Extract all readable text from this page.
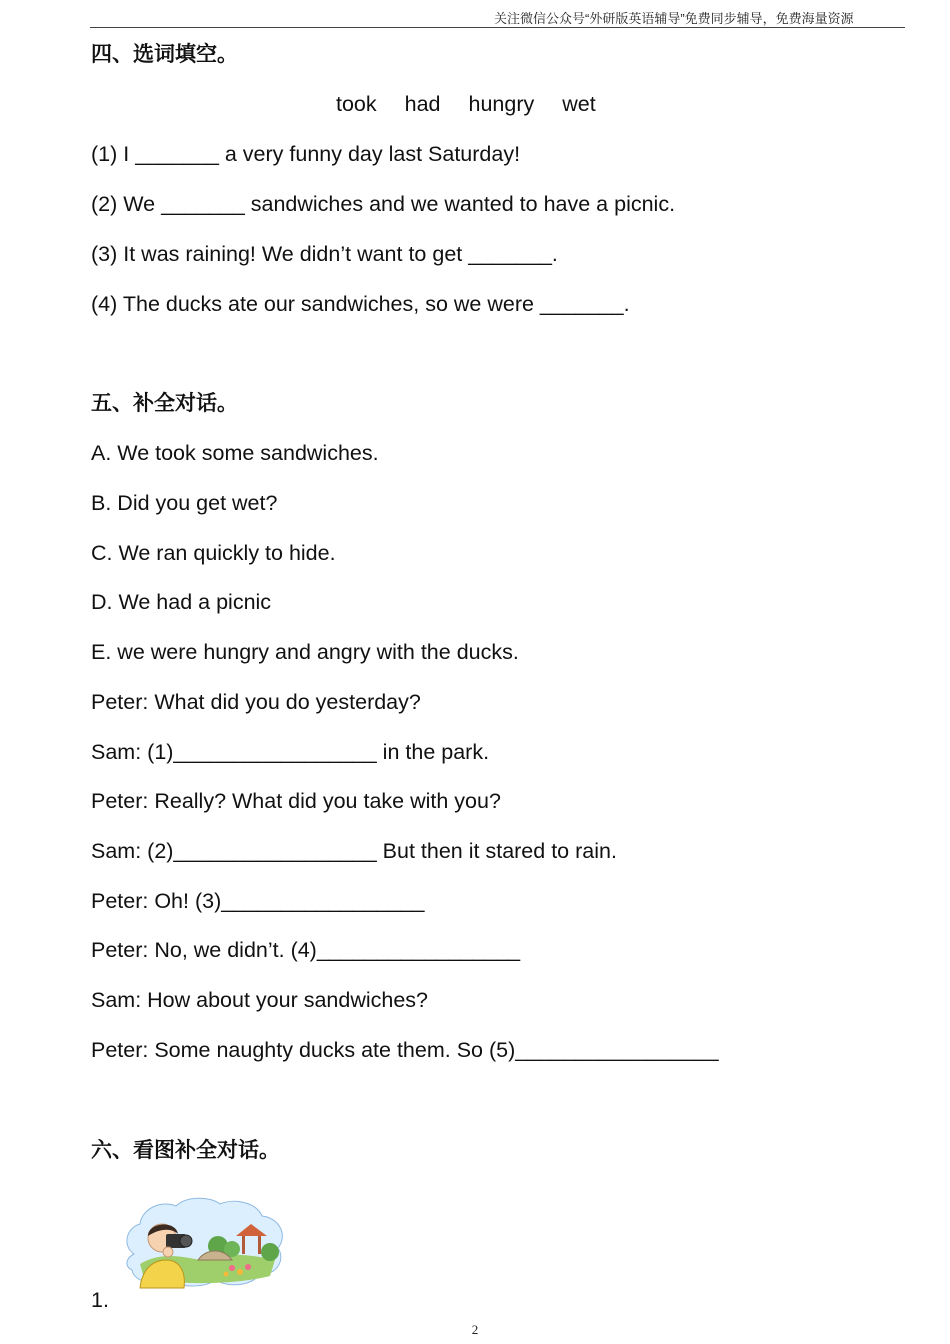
关注微信公众号“外研版英语辅导”免费同步辅导，免费海量资源
四、选词填空。
took had hungry wet
(1) I _______ a very funny day last Saturday!
(2) We _______ sandwiches and we wanted to have a picnic.
(3) It was raining! We didn’t want to get _______.
(4) The ducks ate our sandwiches, so we were _______.
五、补全对话。
A. We took some sandwiches.
B. Did you get wet?
C. We ran quickly to hide.
D. We had a picnic
E. we were hungry and angry with the ducks.
Peter: What did you do yesterday?
Sam: (1)_________________ in the park.
Peter: Really? What did you take with you?
Sam: (2)_________________ But then it stared to rain.
Peter: Oh! (3)_________________
Peter: No, we didn’t. (4)_________________
Sam: How about your sandwiches?
Peter: Some naughty ducks ate them. So (5)_________________
六、看图补全对话。
1.
2
